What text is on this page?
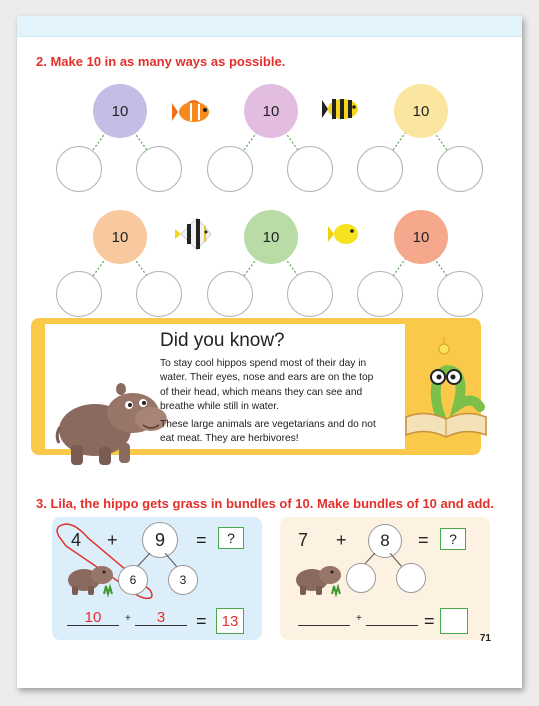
2. Make 10 in as many ways as possible.
10	10	10
10	10	10
Did you know?

To stay cool hippos spend most of their day in water. Their eyes, nose and ears are on the top of their head, which means they can see and breathe while still in water.

These large animals are vegetarians and do not eat meat. They are herbivores!

3. Lila, the hippo gets grass in bundles of 10. Make bundles of 10 and add.
4 +	9	=	?
6	3
10	+	3	=	13
7 +	8	=	?
+	=
71
